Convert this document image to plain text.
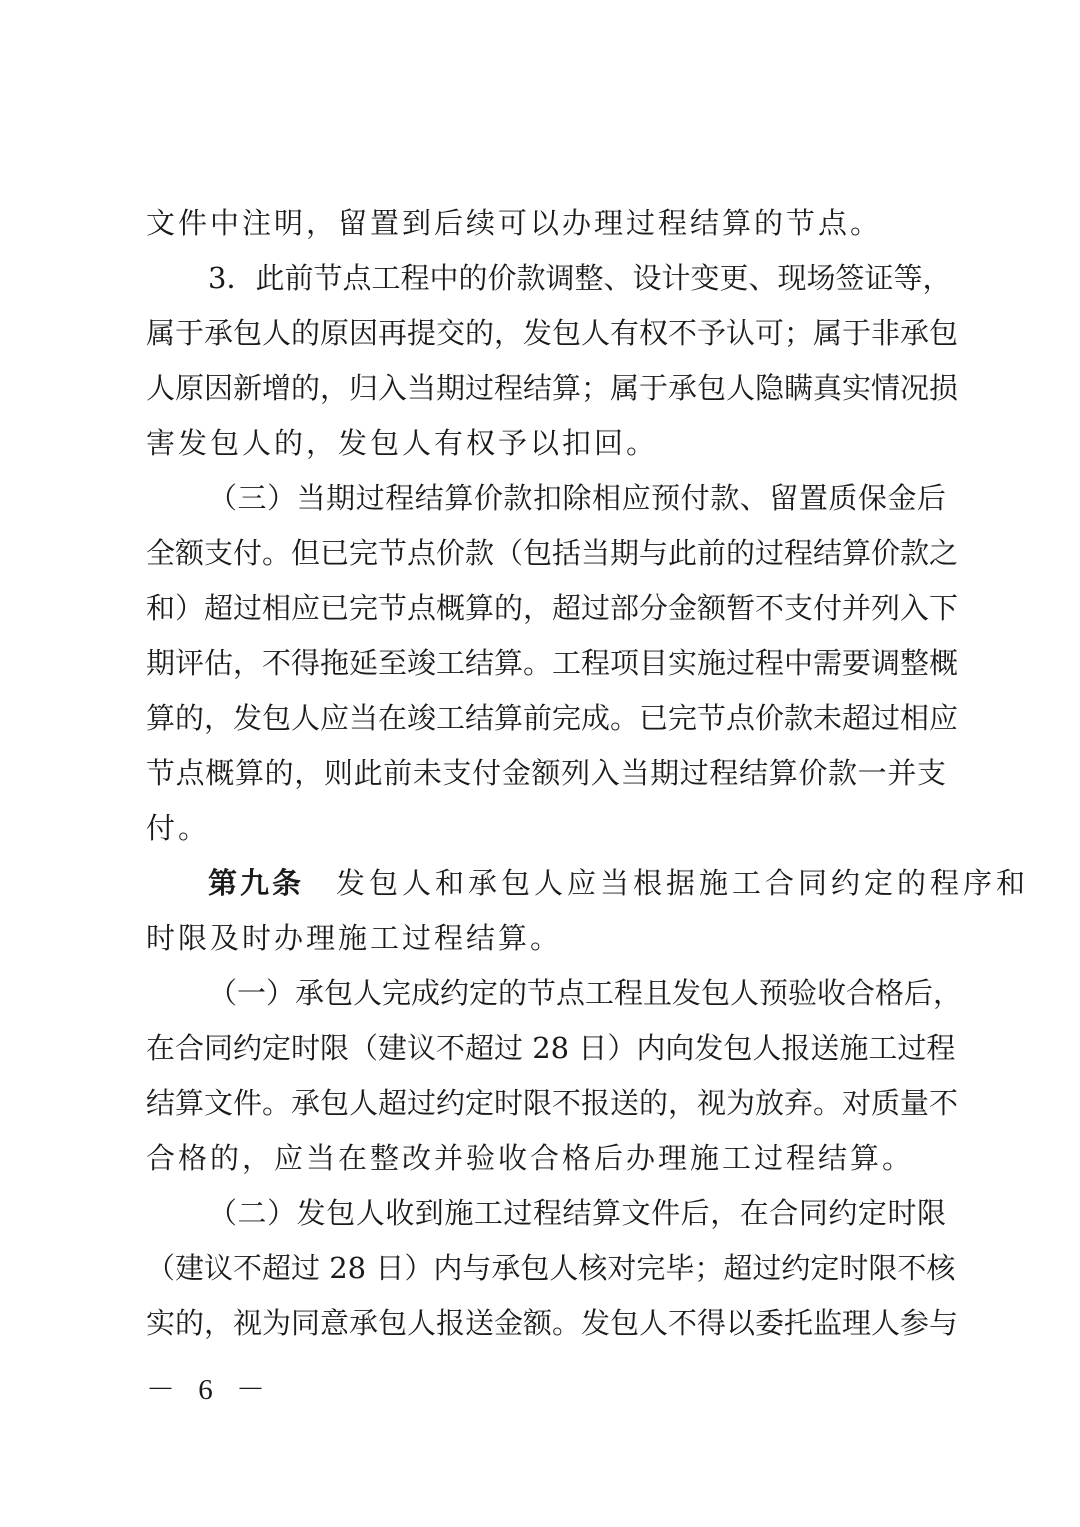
文件中注明，留置到后续可以办理过程结算的节点。
3．此前节点工程中的价款调整、设计变更、现场签证等，
属于承包人的原因再提交的，发包人有权不予认可；属于非承包
人原因新增的，归入当期过程结算；属于承包人隐瞒真实情况损
害发包人的，发包人有权予以扣回。
（三）当期过程结算价款扣除相应预付款、留置质保金后
全额支付。但已完节点价款（包括当期与此前的过程结算价款之
和）超过相应已完节点概算的，超过部分金额暂不支付并列入下
期评估，不得拖延至竣工结算。工程项目实施过程中需要调整概
算的，发包人应当在竣工结算前完成。已完节点价款未超过相应
节点概算的，则此前未支付金额列入当期过程结算价款一并支
付。
第九条 发包人和承包人应当根据施工合同约定的程序和
时限及时办理施工过程结算。
（一）承包人完成约定的节点工程且发包人预验收合格后，
在合同约定时限（建议不超过 28 日）内向发包人报送施工过程
结算文件。承包人超过约定时限不报送的，视为放弃。对质量不
合格的，应当在整改并验收合格后办理施工过程结算。
（二）发包人收到施工过程结算文件后，在合同约定时限
（建议不超过 28 日）内与承包人核对完毕；超过约定时限不核
实的，视为同意承包人报送金额。发包人不得以委托监理人参与
－ 6 －
